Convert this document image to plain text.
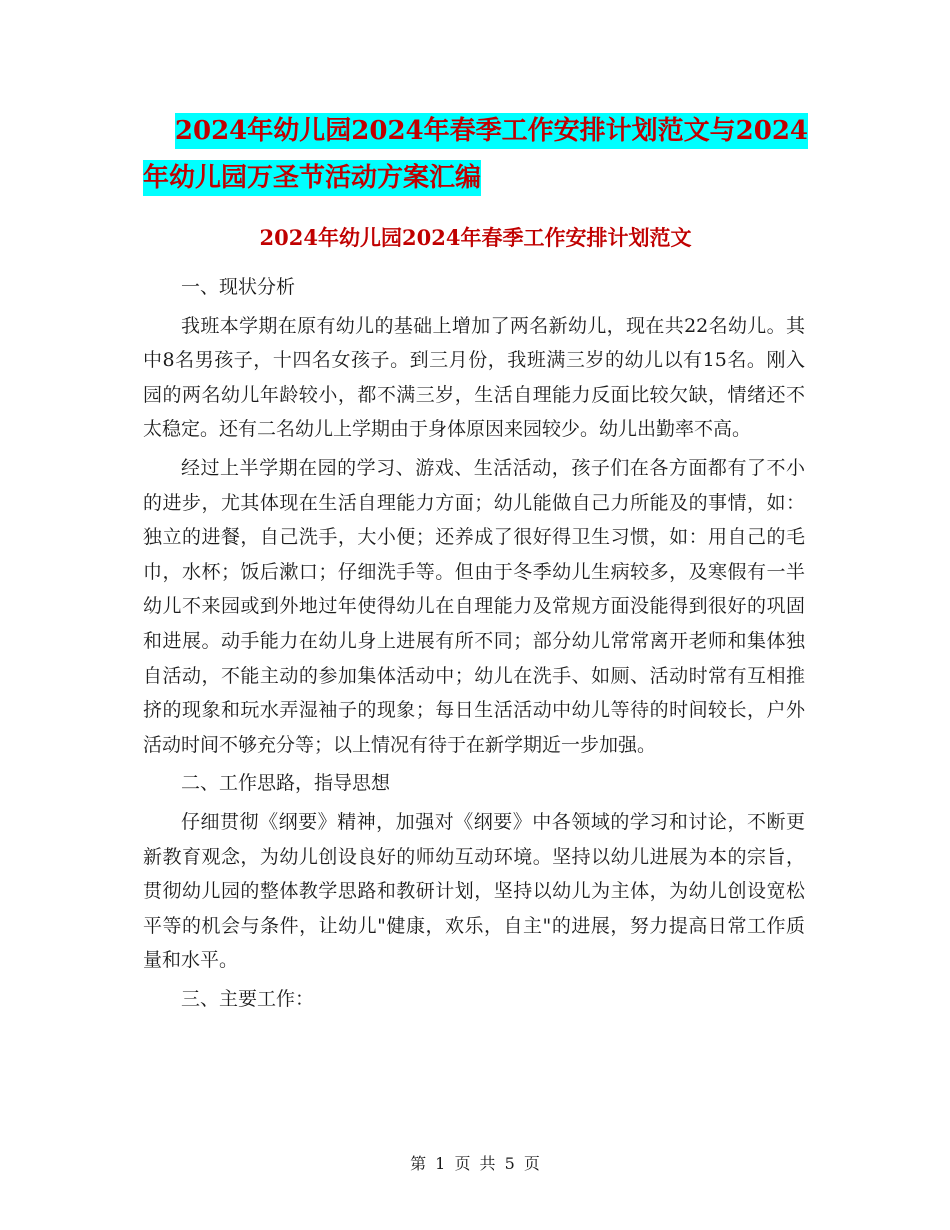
2024年幼儿园2024年春季工作安排计划范文与2024
年幼儿园万圣节活动方案汇编
2024年幼儿园2024年春季工作安排计划范文

一、现状分析

我班本学期在原有幼儿的基础上增加了两名新幼儿，现在共22名幼儿。其中8名男孩子，十四名女孩子。到三月份，我班满三岁的幼儿以有15名。刚入园的两名幼儿年龄较小，都不满三岁，生活自理能力反面比较欠缺，情绪还不太稳定。还有二名幼儿上学期由于身体原因来园较少。幼儿出勤率不高。

经过上半学期在园的学习、游戏、生活活动，孩子们在各方面都有了不小的进步，尤其体现在生活自理能力方面；幼儿能做自己力所能及的事情，如：独立的进餐，自己洗手，大小便；还养成了很好得卫生习惯，如：用自己的毛巾，水杯；饭后漱口；仔细洗手等。但由于冬季幼儿生病较多，及寒假有一半幼儿不来园或到外地过年使得幼儿在自理能力及常规方面没能得到很好的巩固和进展。动手能力在幼儿身上进展有所不同；部分幼儿常常离开老师和集体独自活动，不能主动的参加集体活动中；幼儿在洗手、如厕、活动时常有互相推挤的现象和玩水弄湿袖子的现象；每日生活活动中幼儿等待的时间较长，户外活动时间不够充分等；以上情况有待于在新学期近一步加强。

二、工作思路，指导思想

仔细贯彻《纲要》精神，加强对《纲要》中各领域的学习和讨论，不断更新教育观念，为幼儿创设良好的师幼互动环境。坚持以幼儿进展为本的宗旨，贯彻幼儿园的整体教学思路和教研计划，坚持以幼儿为主体，为幼儿创设宽松平等的机会与条件，让幼儿"健康，欢乐，自主"的进展，努力提高日常工作质量和水平。

三、主要工作：

第 1 页 共 5 页
